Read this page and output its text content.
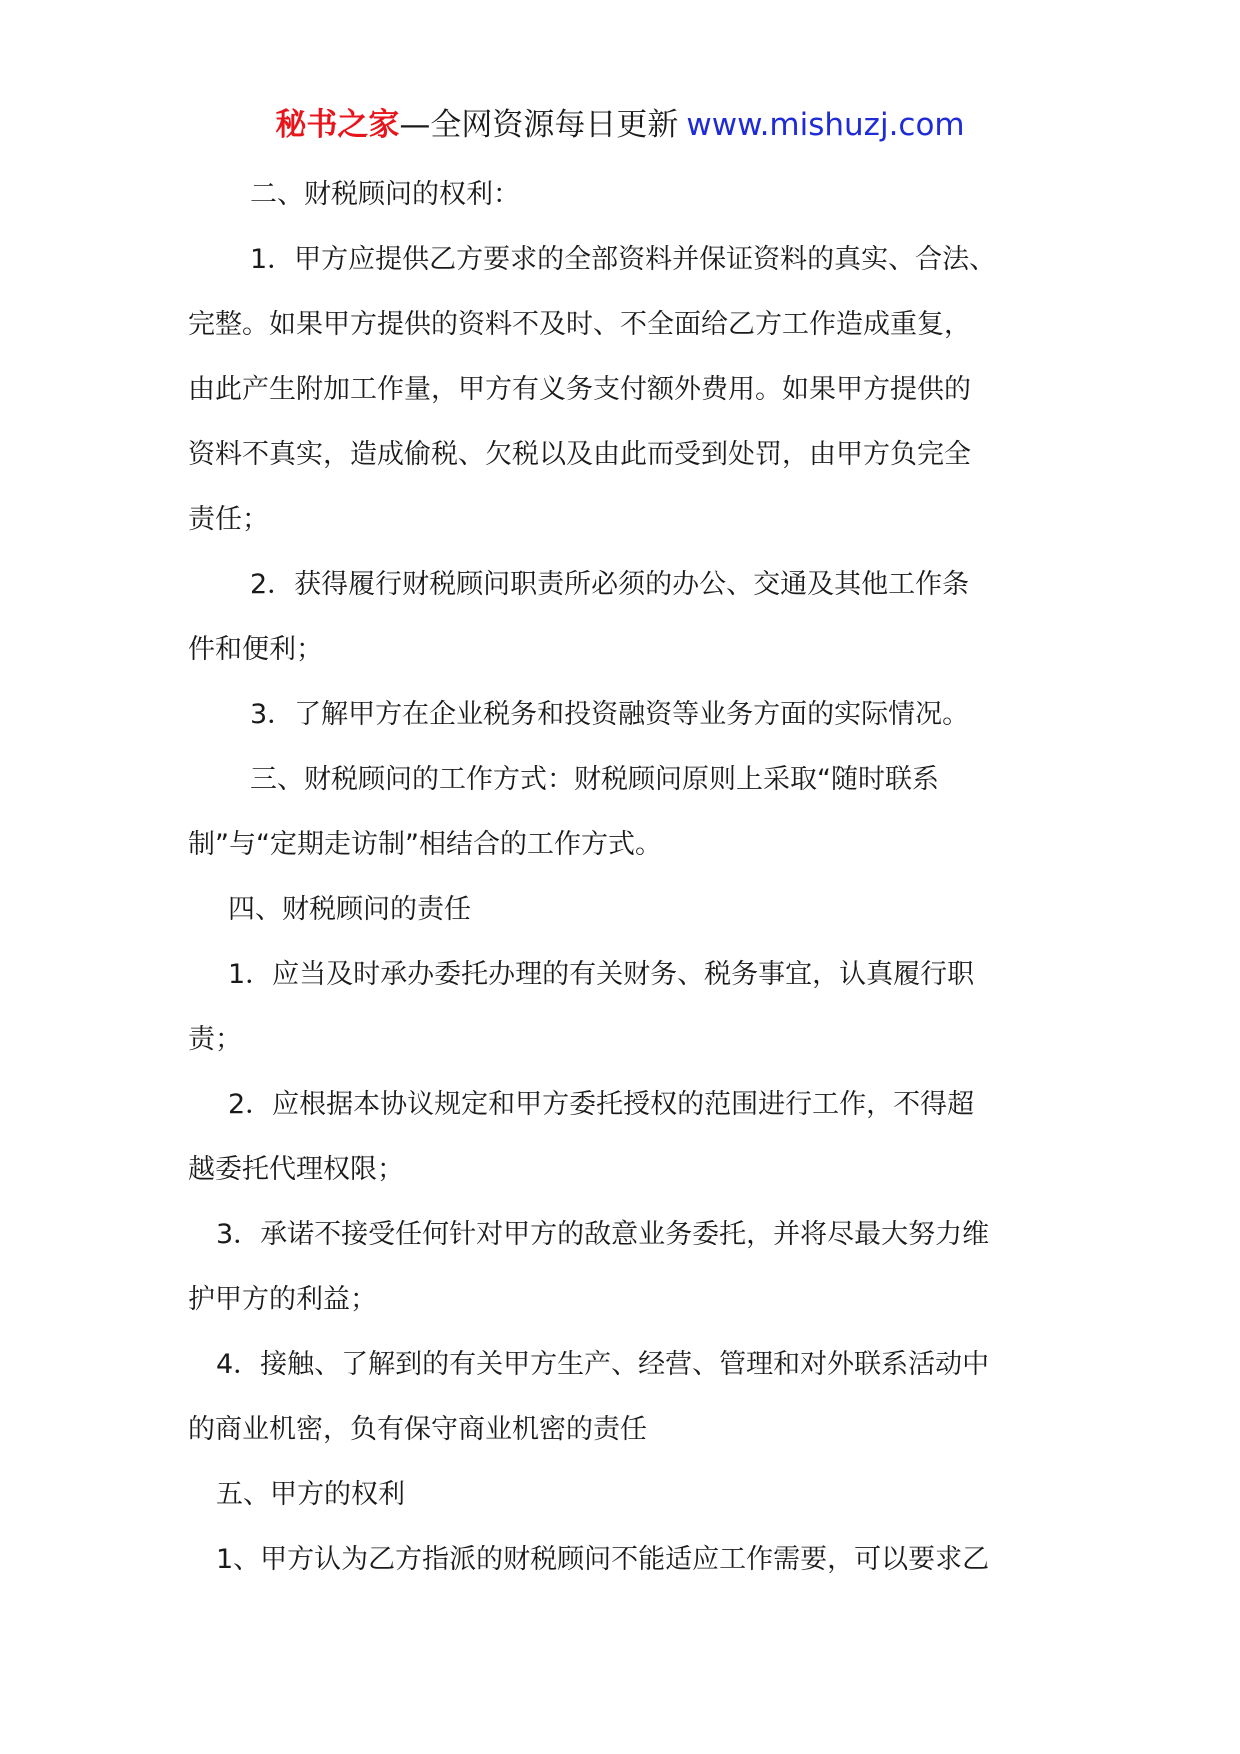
秘书之家—全网资源每日更新 www.mishuzj.com
二、财税顾问的权利：
1．甲方应提供乙方要求的全部资料并保证资料的真实、合法、
完整。如果甲方提供的资料不及时、不全面给乙方工作造成重复，
由此产生附加工作量，甲方有义务支付额外费用。如果甲方提供的
资料不真实，造成偷税、欠税以及由此而受到处罚，由甲方负完全
责任；
2．获得履行财税顾问职责所必须的办公、交通及其他工作条
件和便利；
3．了解甲方在企业税务和投资融资等业务方面的实际情况。
三、财税顾问的工作方式：财税顾问原则上采取“随时联系
制”与“定期走访制”相结合的工作方式。
四、财税顾问的责任
1．应当及时承办委托办理的有关财务、税务事宜，认真履行职
责；
2．应根据本协议规定和甲方委托授权的范围进行工作，不得超
越委托代理权限；
3．承诺不接受任何针对甲方的敌意业务委托，并将尽最大努力维
护甲方的利益；
4．接触、了解到的有关甲方生产、经营、管理和对外联系活动中
的商业机密，负有保守商业机密的责任
五、甲方的权利
1、甲方认为乙方指派的财税顾问不能适应工作需要，可以要求乙
